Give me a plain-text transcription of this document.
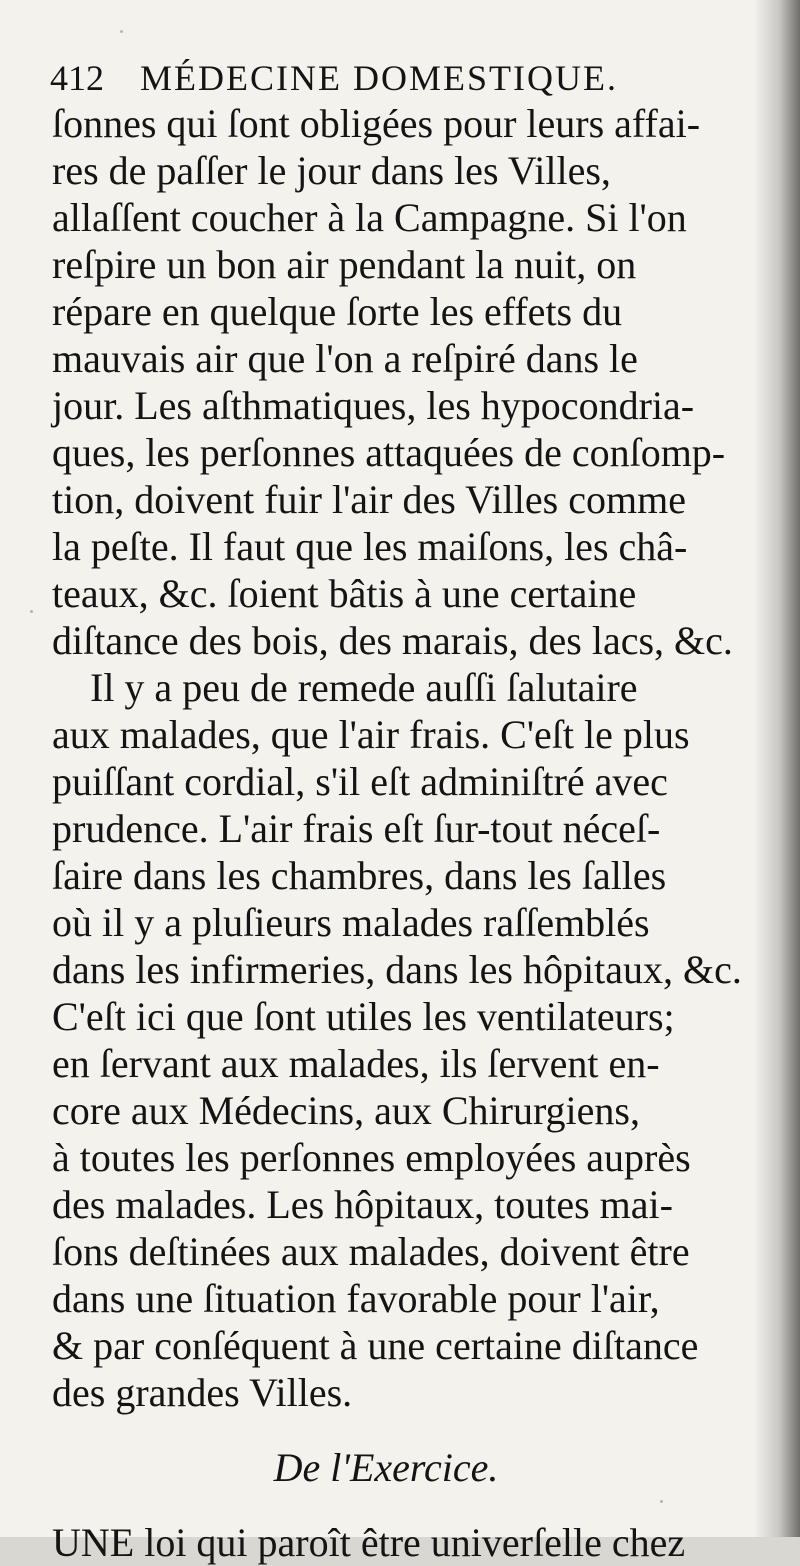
412 MÉDECINE DOMESTIQUE.
ſonnes qui ſont obligées pour leurs affai-
res de paſſer le jour dans les Villes,
allaſſent coucher à la Campagne. Si l'on
reſpire un bon air pendant la nuit, on
répare en quelque ſorte les effets du
mauvais air que l'on a reſpiré dans le
jour. Les aſthmatiques, les hypocondria-
ques, les perſonnes attaquées de conſomp-
tion, doivent fuir l'air des Villes comme
la peſte. Il faut que les maiſons, les châ-
teaux, &c. ſoient bâtis à une certaine
diſtance des bois, des marais, des lacs, &c.
Il y a peu de remede auſſi ſalutaire
aux malades, que l'air frais. C'eſt le plus
puiſſant cordial, s'il eſt adminiſtré avec
prudence. L'air frais eſt ſur-tout néceſ-
ſaire dans les chambres, dans les ſalles
où il y a pluſieurs malades raſſemblés
dans les infirmeries, dans les hôpitaux, &c.
C'eſt ici que ſont utiles les ventilateurs;
en ſervant aux malades, ils ſervent en-
core aux Médecins, aux Chirurgiens,
à toutes les perſonnes employées auprès
des malades. Les hôpitaux, toutes mai-
ſons deſtinées aux malades, doivent être
dans une ſituation favorable pour l'air,
& par conſéquent à une certaine diſtance
des grandes Villes.
De l'Exercice.
UNE loi qui paroît être univerſelle chez
